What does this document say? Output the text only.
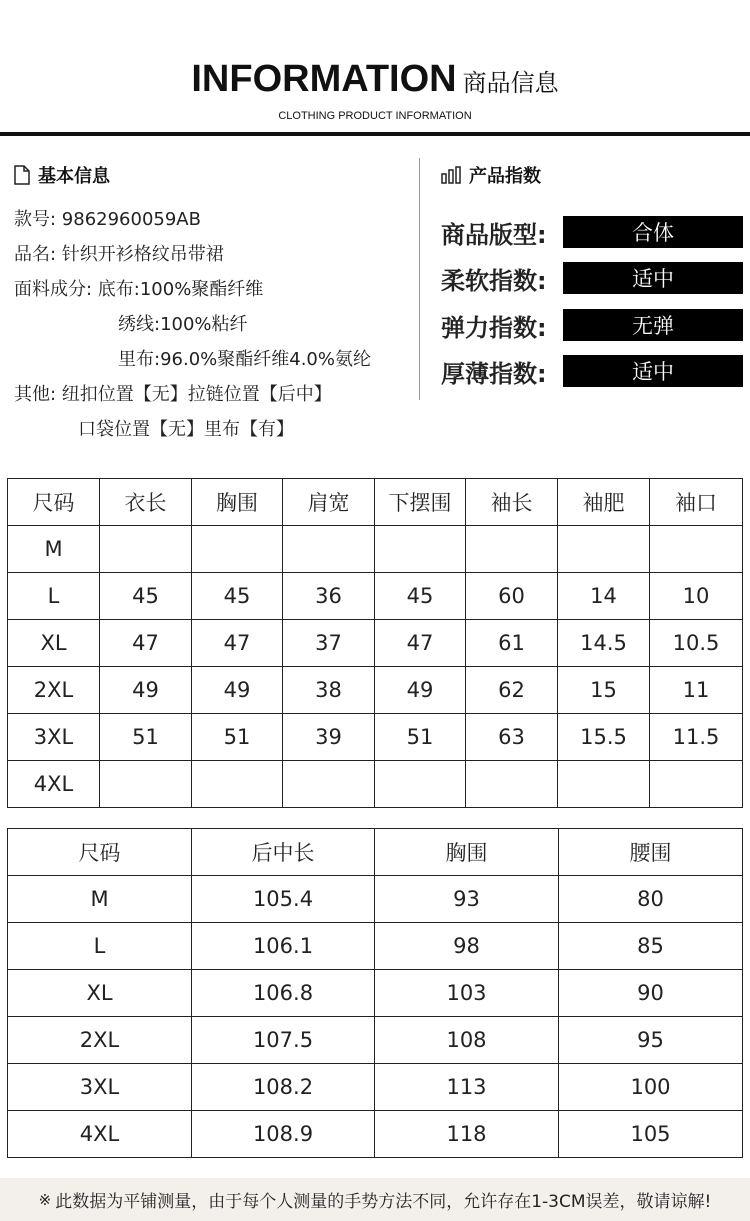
INFORMATION 商品信息
CLOTHING PRODUCT INFORMATION
基本信息
款号: 9862960059AB
品名: 针织开衫格纹吊带裙
面料成分: 底布:100%聚酯纤维
绣线:100%粘纤
里布:96.0%聚酯纤维4.0%氨纶
其他: 纽扣位置【无】拉链位置【后中】
口袋位置【无】里布【有】
产品指数
商品版型:	合体
柔软指数:	适中
弹力指数:	无弹
厚薄指数:	适中
尺码	衣长	胸围	肩宽	下摆围	袖长	袖肥	袖口
M							
L	45	45	36	45	60	14	10
XL	47	47	37	47	61	14.5	10.5
2XL	49	49	38	49	62	15	11
3XL	51	51	39	51	63	15.5	11.5
4XL							
尺码	后中长	胸围	腰围
M	105.4	93	80
L	106.1	98	85
XL	106.8	103	90
2XL	107.5	108	95
3XL	108.2	113	100
4XL	108.9	118	105
※ 此数据为平铺测量，由于每个人测量的手势方法不同，允许存在1-3CM误差，敬请谅解!
